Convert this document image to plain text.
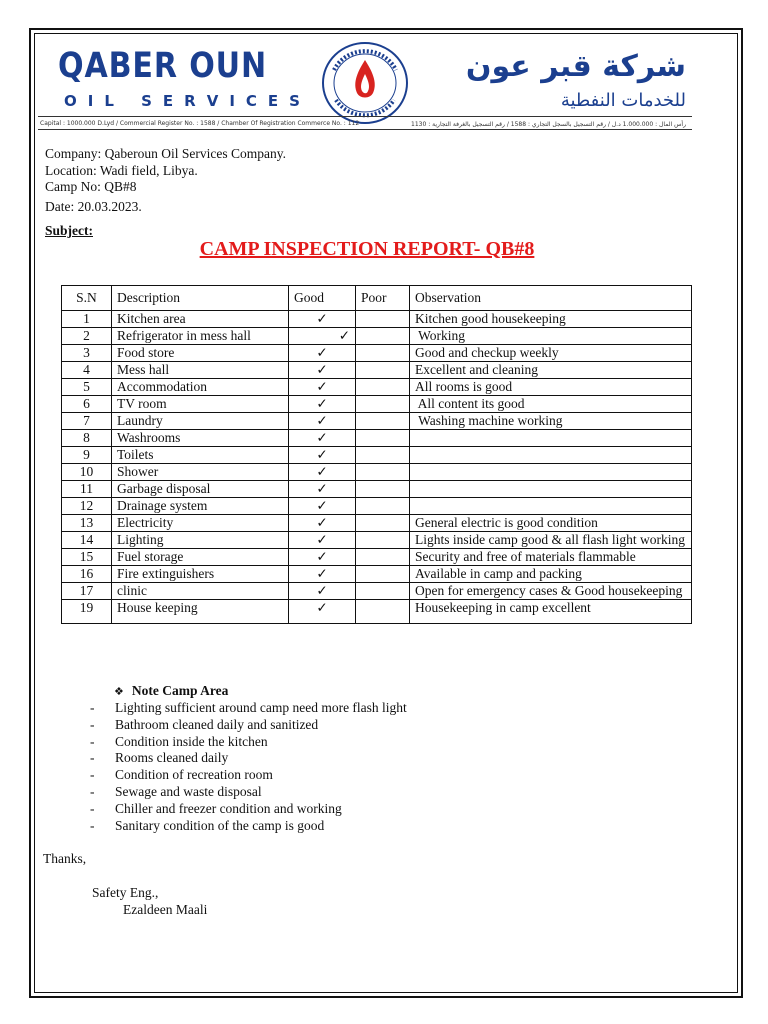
QABER OUN
OIL SERVICES
شركة قبر عون
للخدمات النفطية
Capital : 1000.000 D.Lyd / Commercial Register No. : 1588 / Chamber Of Registration Commerce No. : 112	رأس المال : 1.000.000 د.ل / رقم التسجيل بالسجل التجاري : 1588 / رقم التسجيل بالغرفة التجارية : 1130
Company: Qaberoun Oil Services Company.
Location: Wadi field, Libya.
Camp No: QB#8
Date: 20.03.2023.
Subject:
CAMP INSPECTION REPORT- QB#8
S.N	Description	Good	Poor	Observation
1	Kitchen area	✓		Kitchen good housekeeping
2	Refrigerator in mess hall	✓		Working
3	Food store	✓		Good and checkup weekly
4	Mess hall	✓		Excellent and cleaning
5	Accommodation	✓		All rooms is good
6	TV room	✓		All content its good
7	Laundry	✓		Washing machine working
8	Washrooms	✓		
9	Toilets	✓		
10	Shower	✓		
11	Garbage disposal	✓		
12	Drainage system	✓		
13	Electricity	✓		General electric is good condition
14	Lighting	✓		Lights inside camp good & all flash light working
15	Fuel storage	✓		Security and free of materials flammable
16	Fire extinguishers	✓		Available in camp and packing
17	clinic	✓		Open for emergency cases & Good housekeeping
19	House keeping	✓		Housekeeping in camp excellent
❖ Note Camp Area
- Lighting sufficient around camp need more flash light
- Bathroom cleaned daily and sanitized
- Condition inside the kitchen
- Rooms cleaned daily
- Condition of recreation room
- Sewage and waste disposal
- Chiller and freezer condition and working
- Sanitary condition of the camp is good
Thanks,
Safety Eng.,
Ezaldeen Maali
